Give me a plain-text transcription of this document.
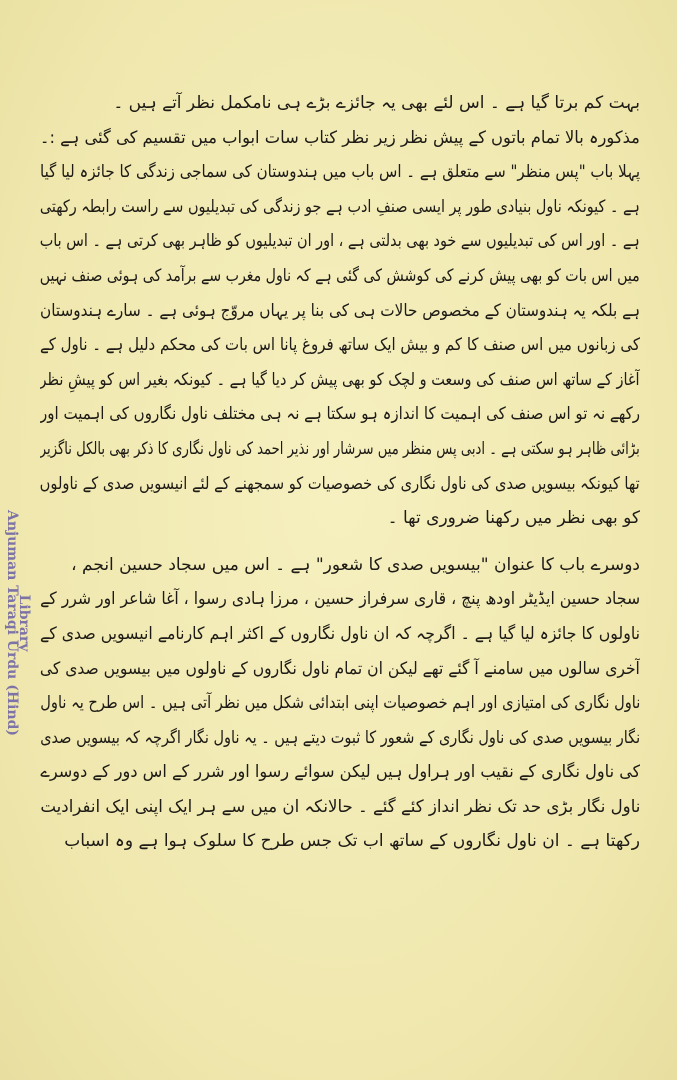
بہت کم برتا گیا ہے ۔ اس لئے بھی یہ جائزے بڑے ہی نامکمل نظر آتے ہیں ۔
مذکورہ بالا تمام باتوں کے پیش نظر زیر نظر کتاب سات ابواب میں تقسیم کی گئی ہے :۔
پہلا باب "پس منظر" سے متعلق ہے ۔ اس باب میں ہندوستان کی سماجی زندگی کا جائزہ لیا گیا
ہے ۔ کیونکہ ناول بنیادی طور پر ایسی صنفِ ادب ہے جو زندگی کی تبدیلیوں سے راست رابطہ رکھتی
ہے ۔ اور اس کی تبدیلیوں سے خود بھی بدلتی ہے ، اور ان تبدیلیوں کو ظاہر بھی کرتی ہے ۔ اس باب
میں اس بات کو بھی پیش کرنے کی کوشش کی گئی ہے کہ ناول مغرب سے برآمد کی ہوئی صنف نہیں
ہے بلکہ یہ ہندوستان کے مخصوص حالات ہی کی بنا پر یہاں مروّج ہوئی ہے ۔ سارے ہندوستان
کی زبانوں میں اس صنف کا کم و بیش ایک ساتھ فروغ پانا اس بات کی محکم دلیل ہے ۔ ناول کے
آغاز کے ساتھ اس صنف کی وسعت و لچک کو بھی پیش کر دیا گیا ہے ۔ کیونکہ بغیر اس کو پیشِ نظر
رکھے نہ تو اس صنف کی اہمیت کا اندازہ ہو سکتا ہے نہ ہی مختلف ناول نگاروں کی اہمیت اور
بڑائی ظاہر ہو سکتی ہے ۔ ادبی پس منظر میں سرشار اور نذیر احمد کی ناول نگاری کا ذکر بھی بالکل ناگزیر
تھا کیونکہ بیسویں صدی کی ناول نگاری کی خصوصیات کو سمجھنے کے لئے انیسویں صدی کے ناولوں
کو بھی نظر میں رکھنا ضروری تھا ۔
دوسرے باب کا عنوان "بیسویں صدی کا شعور" ہے ۔ اس میں سجاد حسین انجم ،
سجاد حسین ایڈیٹر اودھ پنچ ، قاری سرفراز حسین ، مرزا ہادی رسوا ، آغا شاعر اور شرر کے
ناولوں کا جائزہ لیا گیا ہے ۔ اگرچہ کہ ان ناول نگاروں کے اکثر اہم کارنامے انیسویں صدی کے
آخری سالوں میں سامنے آ گئے تھے لیکن ان تمام ناول نگاروں کے ناولوں میں بیسویں صدی کی
ناول نگاری کی امتیازی اور اہم خصوصیات اپنی ابتدائی شکل میں نظر آتی ہیں ۔ اس طرح یہ ناول
نگار بیسویں صدی کی ناول نگاری کے شعور کا ثبوت دیتے ہیں ۔ یہ ناول نگار اگرچہ کہ بیسویں صدی
کی ناول نگاری کے نقیب اور ہراول ہیں لیکن سوائے رسوا اور شرر کے اس دور کے دوسرے
ناول نگار بڑی حد تک نظر انداز کئے گئے ۔ حالانکہ ان میں سے ہر ایک اپنی ایک انفرادیت
رکھتا ہے ۔ ان ناول نگاروں کے ساتھ اب تک جس طرح کا سلوک ہوا ہے وہ اسباب
Library
Anjuman Taraqi Urdu (Hind)
